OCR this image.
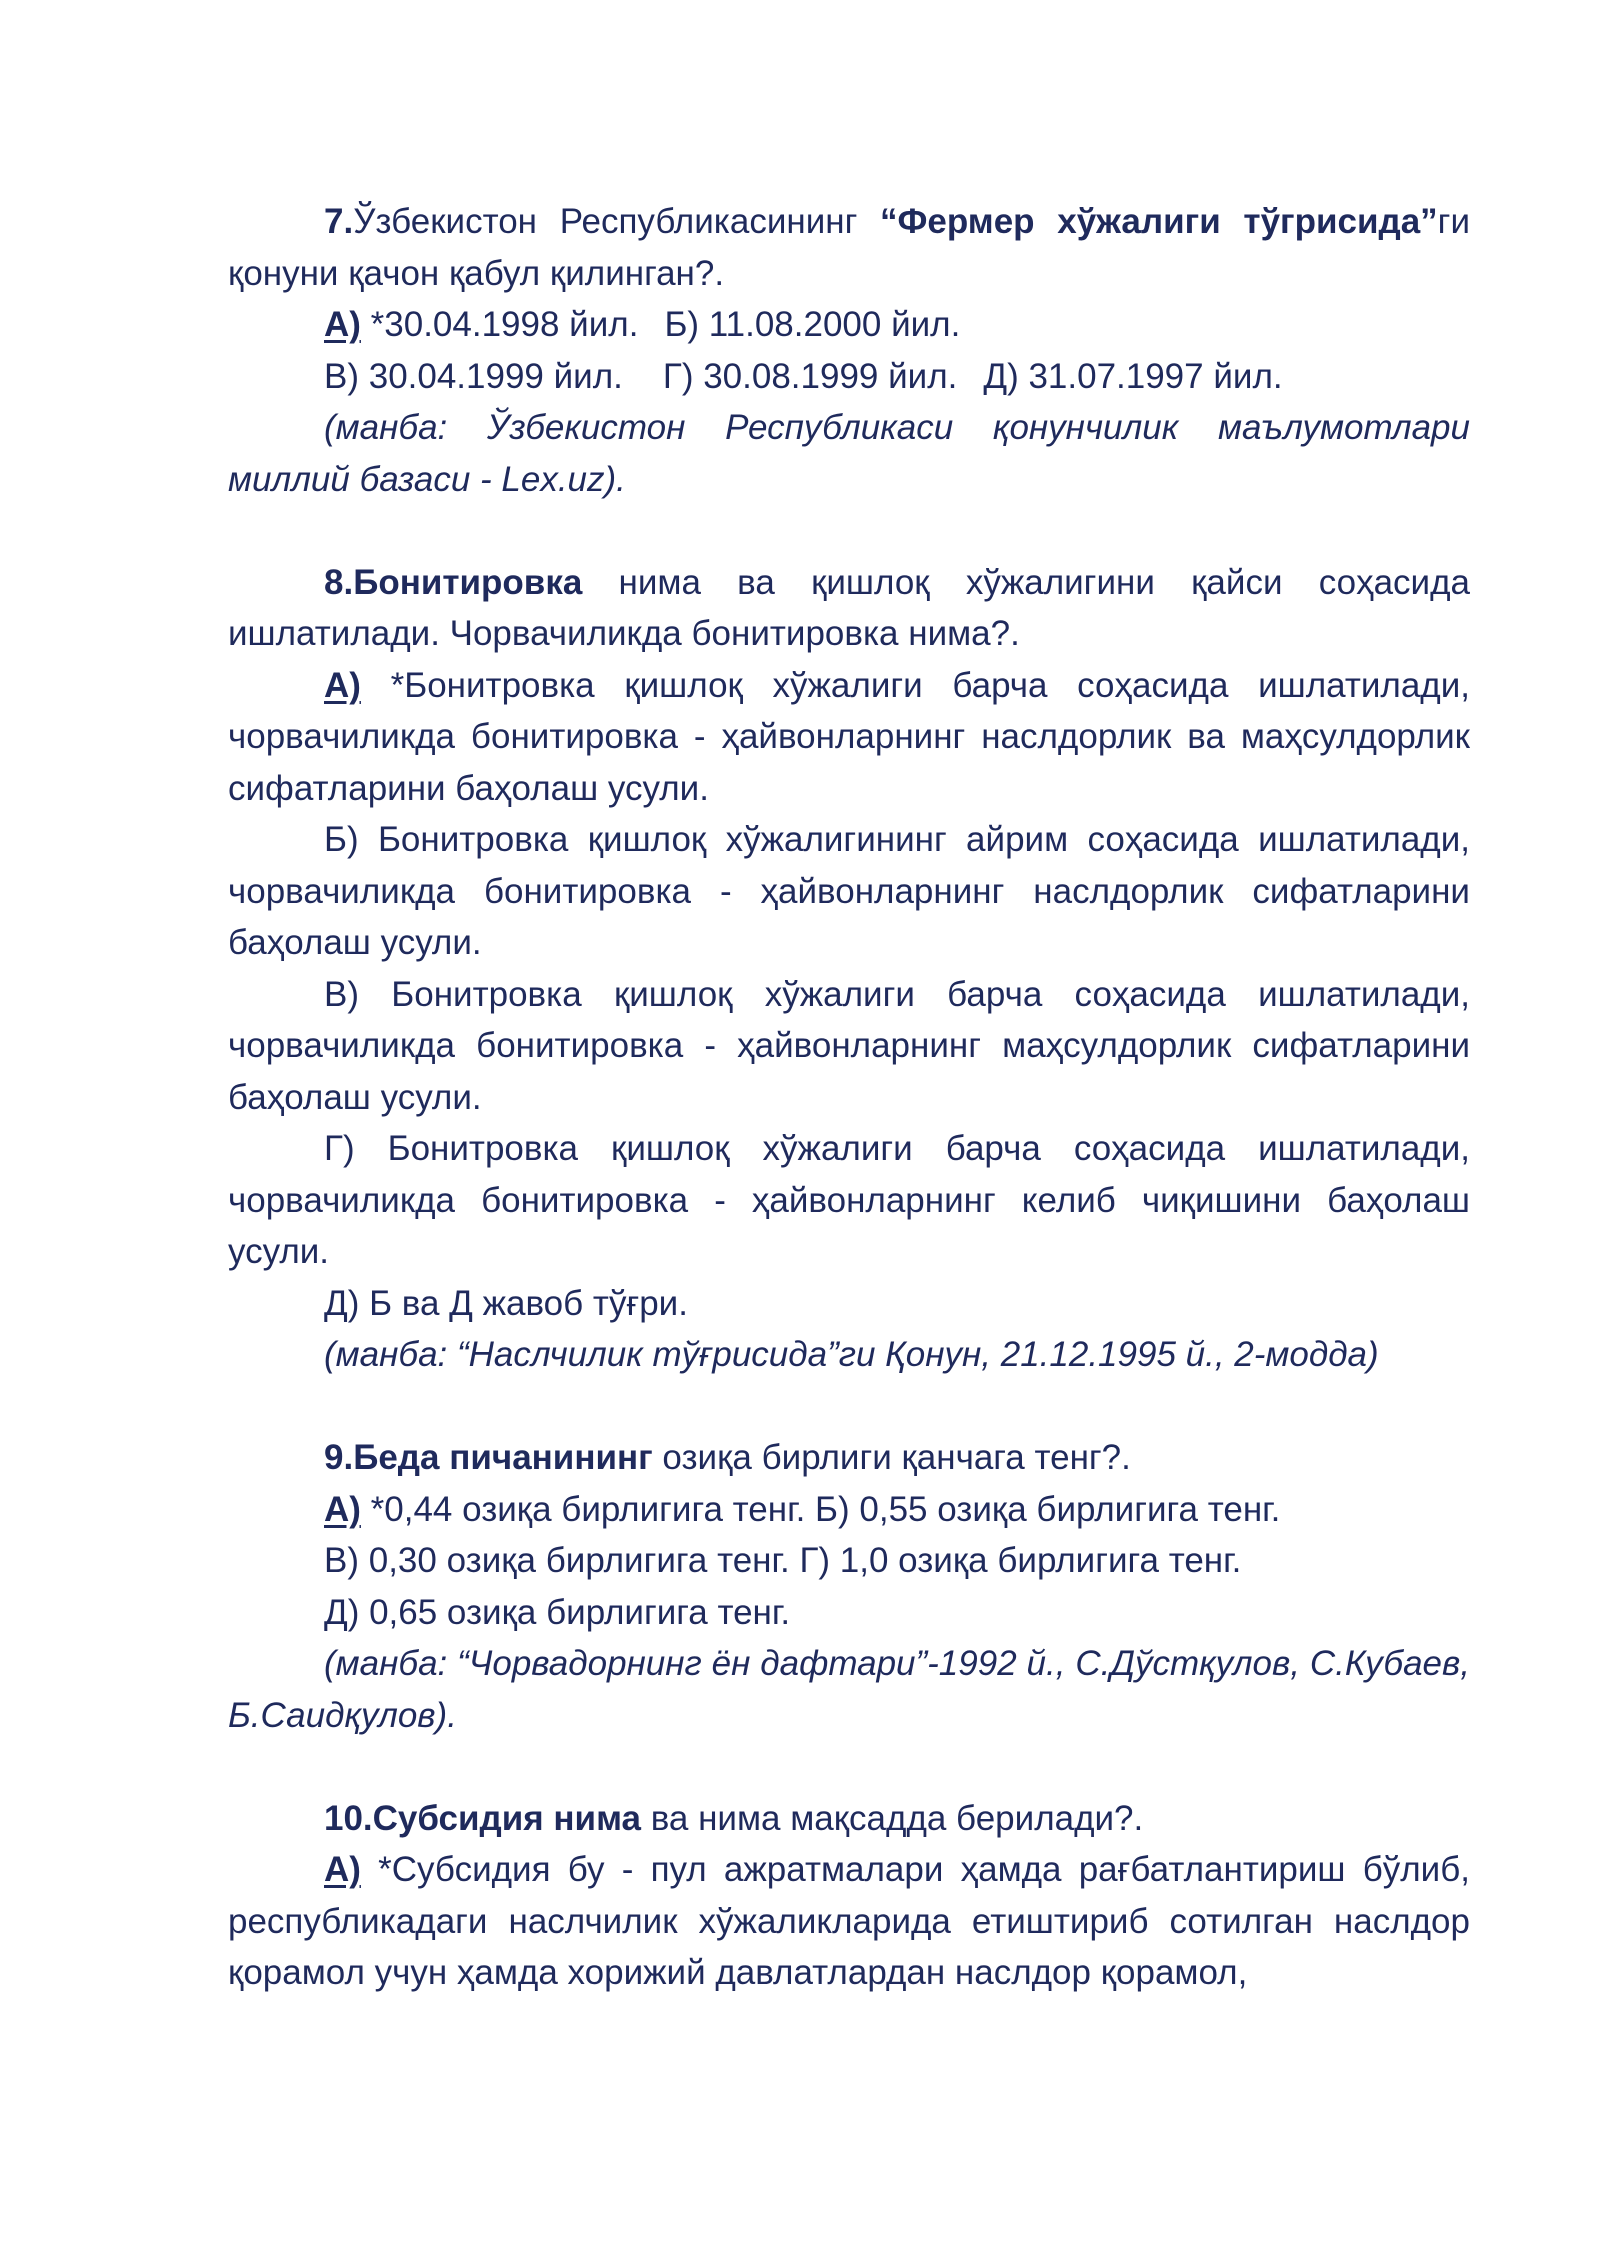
7.Ўзбекистон Республикасининг “Фермер хўжалиги тўгрисида”ги қонуни қачон қабул қилинган?.

А) *30.04.1998 йил. Б) 11.08.2000 йил.

В) 30.04.1999 йил. Г) 30.08.1999 йил. Д) 31.07.1997 йил.

(манба: Ўзбекистон Республикаси қонунчилик маълумотлари миллий базаси - Lex.uz).

8.Бонитировка нима ва қишлоқ хўжалигини қайси соҳасида ишлатилади. Чорвачиликда бонитировка нима?.

А) *Бонитровка қишлоқ хўжалиги барча соҳасида ишлатилади, чорвачиликда бонитировка - ҳайвонларнинг наслдорлик ва маҳсулдорлик сифатларини баҳолаш усули.

Б) Бонитровка қишлоқ хўжалигининг айрим соҳасида ишлатилади, чорвачиликда бонитировка - ҳайвонларнинг наслдорлик сифатларини баҳолаш усули.

В) Бонитровка қишлоқ хўжалиги барча соҳасида ишлатилади, чорвачиликда бонитировка - ҳайвонларнинг маҳсулдорлик сифатларини баҳолаш усули.

Г) Бонитровка қишлоқ хўжалиги барча соҳасида ишлатилади, чорвачиликда бонитировка - ҳайвонларнинг келиб чиқишини баҳолаш усули.

Д) Б ва Д жавоб тўғри.

(манба: “Наслчилик тўғрисида”ги Қонун, 21.12.1995 й., 2-модда)

9.Беда пичанининг озиқа бирлиги қанчага тенг?.

А) *0,44 озиқа бирлигига тенг. Б) 0,55 озиқа бирлигига тенг.

В) 0,30 озиқа бирлигига тенг. Г) 1,0 озиқа бирлигига тенг.

Д) 0,65 озиқа бирлигига тенг.

(манба: “Чорвадорнинг ён дафтари”-1992 й., С.Дўстқулов, С.Кубаев, Б.Саидқулов).

10.Субсидия нима ва нима мақсадда берилади?.

А) *Субсидия бу - пул ажратмалари ҳамда рағбатлантириш бўлиб, республикадаги наслчилик хўжаликларида етиштириб сотилган наслдор қорамол учун ҳамда хорижий давлатлардан наслдор қорамол,
